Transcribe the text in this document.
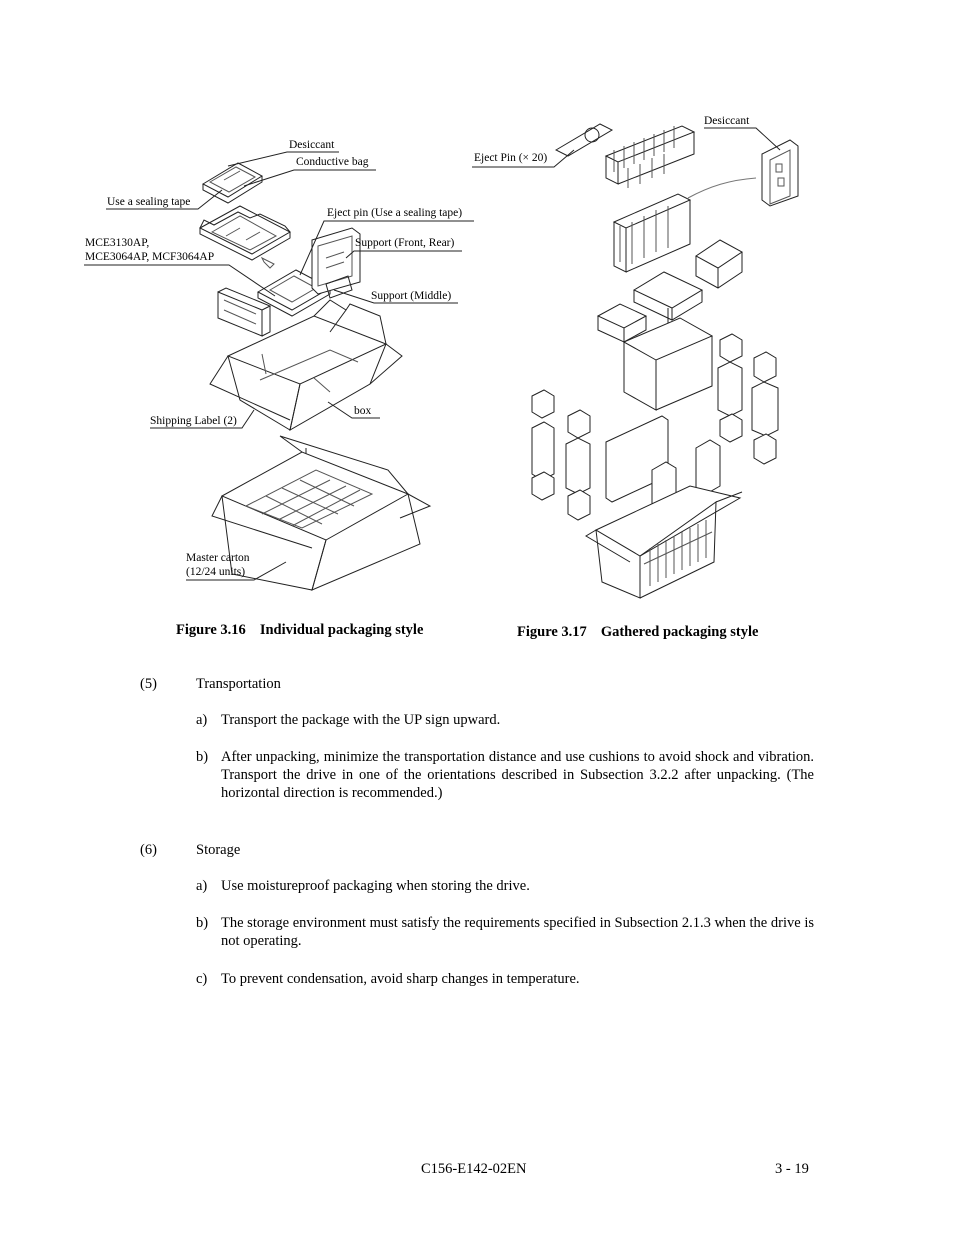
Desiccant
Conductive bag
Use a sealing tape
Eject pin (Use a sealing tape)
MCE3130AP,
MCE3064AP, MCF3064AP
Support (Front, Rear)
Support (Middle)
box
Shipping Label (2)
Master carton
(12/24 units)
Figure 3.16 Individual packaging style
Desiccant
Eject Pin (× 20)
Figure 3.17 Gathered packaging style
(5)	Transportation
a) Transport the package with the UP sign upward.
b) After unpacking, minimize the transportation distance and use cushions to avoid shock and vibration. Transport the drive in one of the orientations described in Subsection 3.2.2 after unpacking. (The horizontal direction is recommended.)
(6)	Storage
a) Use moistureproof packaging when storing the drive.
b) The storage environment must satisfy the requirements specified in Subsection 2.1.3 when the drive is not operating.
c) To prevent condensation, avoid sharp changes in temperature.
C156-E142-02EN	3 - 19
